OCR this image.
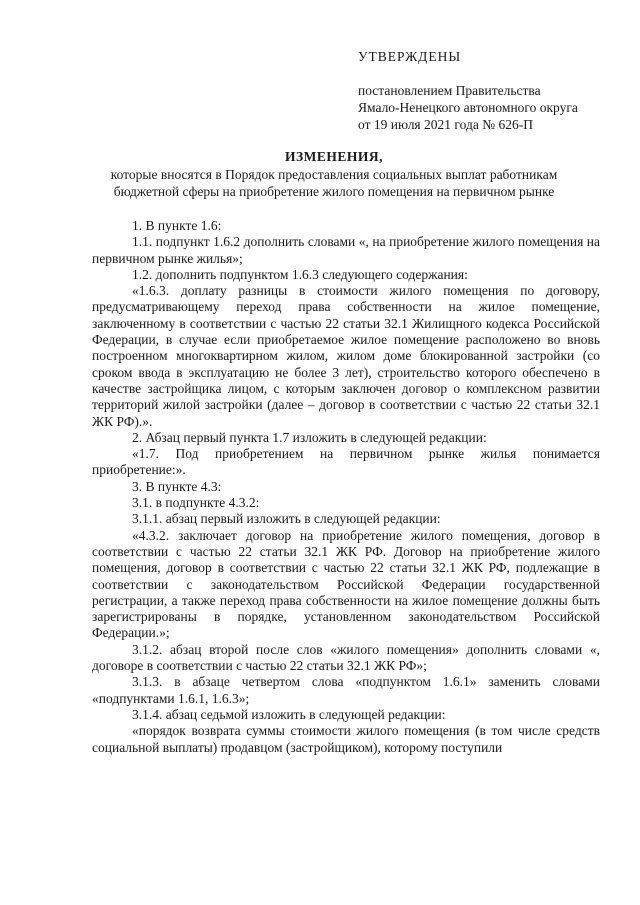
УТВЕРЖДЕНЫ
постановлением Правительства
Ямало-Ненецкого автономного округа
от 19 июля 2021 года № 626-П
ИЗМЕНЕНИЯ,
которые вносятся в Порядок предоставления социальных выплат работникам
бюджетной сферы на приобретение жилого помещения на первичном рынке

1. В пункте 1.6:

1.1. подпункт 1.6.2 дополнить словами «, на приобретение жилого помещения на первичном рынке жилья»;

1.2. дополнить подпунктом 1.6.3 следующего содержания:

«1.6.3. доплату разницы в стоимости жилого помещения по договору, предусматривающему переход права собственности на жилое помещение, заключенному в соответствии с частью 22 статьи 32.1 Жилищного кодекса Российской Федерации, в случае если приобретаемое жилое помещение расположено во вновь построенном многоквартирном жилом, жилом доме блокированной застройки (со сроком ввода в эксплуатацию не более 3 лет), строительство которого обеспечено в качестве застройщика лицом, с которым заключен договор о комплексном развитии территорий жилой застройки (далее – договор в соответствии с частью 22 статьи 32.1 ЖК РФ).».

2. Абзац первый пункта 1.7 изложить в следующей редакции:

«1.7. Под приобретением на первичном рынке жилья понимается приобретение:».

3. В пункте 4.3:

3.1. в подпункте 4.3.2:

3.1.1. абзац первый изложить в следующей редакции:

«4.3.2. заключает договор на приобретение жилого помещения, договор в соответствии с частью 22 статьи 32.1 ЖК РФ. Договор на приобретение жилого помещения, договор в соответствии с частью 22 статьи 32.1 ЖК РФ, подлежащие в соответствии с законодательством Российской Федерации государственной регистрации, а также переход права собственности на жилое помещение должны быть зарегистрированы в порядке, установленном законодательством Российской Федерации.»;

3.1.2. абзац второй после слов «жилого помещения» дополнить словами «, договоре в соответствии с частью 22 статьи 32.1 ЖК РФ»;

3.1.3. в абзаце четвертом слова «подпунктом 1.6.1» заменить словами «подпунктами 1.6.1, 1.6.3»;

3.1.4. абзац седьмой изложить в следующей редакции:

«порядок возврата суммы стоимости жилого помещения (в том числе средств социальной выплаты) продавцом (застройщиком), которому поступили
